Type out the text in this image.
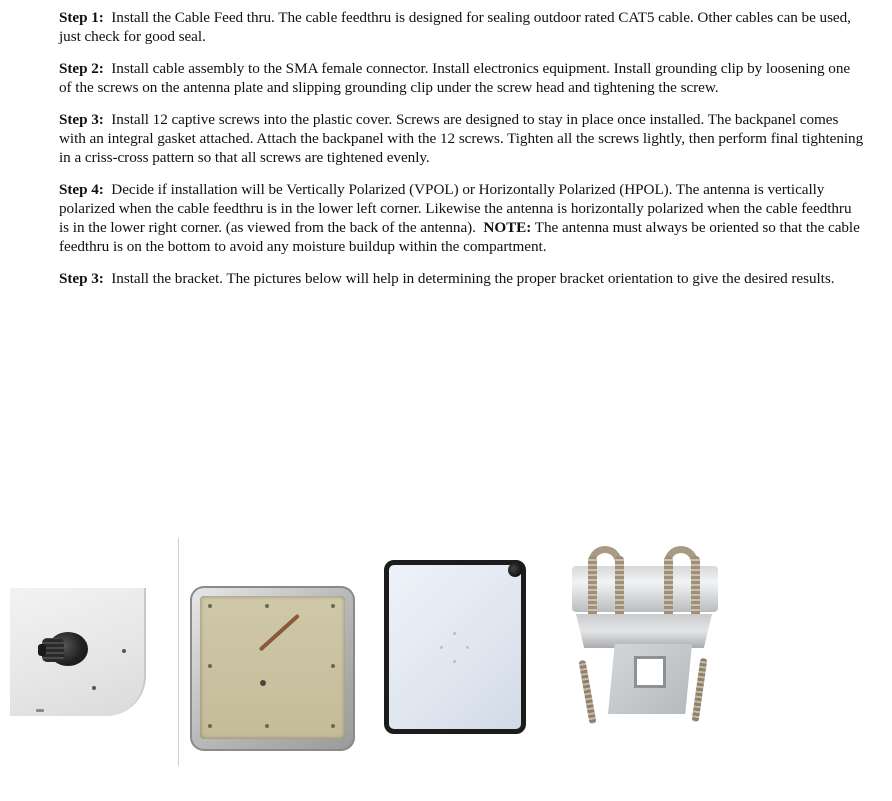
Step 1: Install the Cable Feed thru. The cable feedthru is designed for sealing outdoor rated CAT5 cable. Other cables can be used, just check for good seal.

Step 2: Install cable assembly to the SMA female connector. Install electronics equipment. Install grounding clip by loosening one of the screws on the antenna plate and slipping grounding clip under the screw head and tightening the screw.

Step 3: Install 12 captive screws into the plastic cover. Screws are designed to stay in place once installed. The backpanel comes with an integral gasket attached. Attach the backpanel with the 12 screws. Tighten all the screws lightly, then perform final tightening in a criss-cross pattern so that all screws are tightened evenly.

Step 4: Decide if installation will be Vertically Polarized (VPOL) or Horizontally Polarized (HPOL). The antenna is vertically polarized when the cable feedthru is in the lower left corner. Likewise the antenna is horizontally polarized when the cable feedthru is in the lower right corner. (as viewed from the back of the antenna). NOTE: The antenna must always be oriented so that the cable feedthru is on the bottom to avoid any moisture buildup within the compartment.

Step 3: Install the bracket. The pictures below will help in determining the proper bracket orientation to give the desired results.
